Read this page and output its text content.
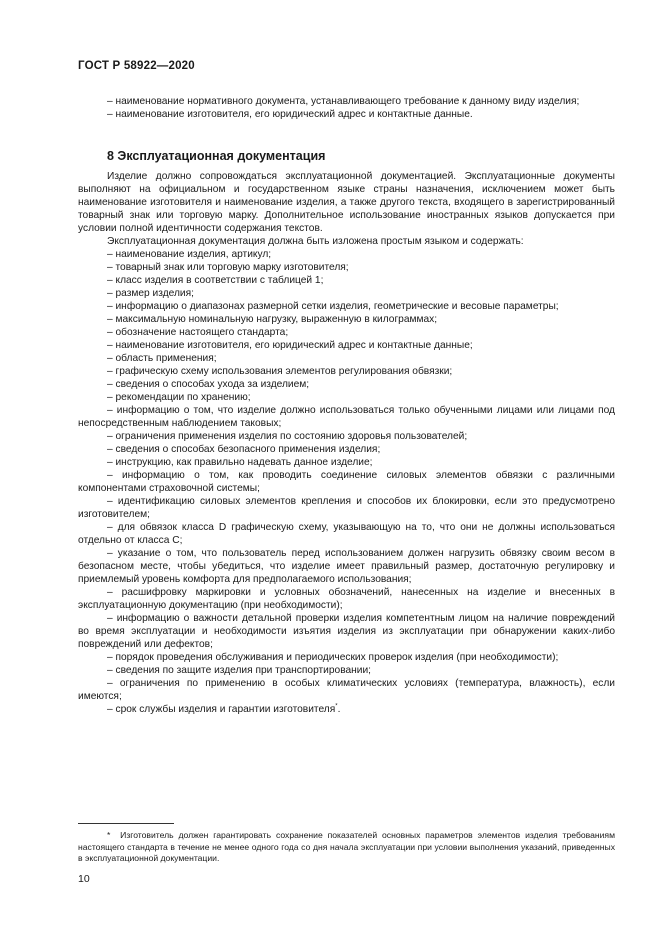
ГОСТ Р 58922—2020

– наименование нормативного документа, устанавливающего требование к данному виду изделия;

– наименование изготовителя, его юридический адрес и контактные данные.

8 Эксплуатационная документация

Изделие должно сопровождаться эксплуатационной документацией. Эксплуатационные документы выполняют на официальном и государственном языке страны назначения, исключением может быть наименование изготовителя и наименование изделия, а также другого текста, входящего в зарегистрированный товарный знак или торговую марку. Дополнительное использование иностранных языков допускается при условии полной идентичности содержания текстов.

Эксплуатационная документация должна быть изложена простым языком и содержать:

– наименование изделия, артикул;

– товарный знак или торговую марку изготовителя;

– класс изделия в соответствии с таблицей 1;

– размер изделия;

– информацию о диапазонах размерной сетки изделия, геометрические и весовые параметры;

– максимальную номинальную нагрузку, выраженную в килограммах;

– обозначение настоящего стандарта;

– наименование изготовителя, его юридический адрес и контактные данные;

– область применения;

– графическую схему использования элементов регулирования обвязки;

– сведения о способах ухода за изделием;

– рекомендации по хранению;

– информацию о том, что изделие должно использоваться только обученными лицами или лицами под непосредственным наблюдением таковых;

– ограничения применения изделия по состоянию здоровья пользователей;

– сведения о способах безопасного применения изделия;

– инструкцию, как правильно надевать данное изделие;

– информацию о том, как проводить соединение силовых элементов обвязки с различными компонентами страховочной системы;

– идентификацию силовых элементов крепления и способов их блокировки, если это предусмотрено изготовителем;

– для обвязок класса D графическую схему, указывающую на то, что они не должны использоваться отдельно от класса C;

– указание о том, что пользователь перед использованием должен нагрузить обвязку своим весом в безопасном месте, чтобы убедиться, что изделие имеет правильный размер, достаточную регулировку и приемлемый уровень комфорта для предполагаемого использования;

– расшифровку маркировки и условных обозначений, нанесенных на изделие и внесенных в эксплуатационную документацию (при необходимости);

– информацию о важности детальной проверки изделия компетентным лицом на наличие повреждений во время эксплуатации и необходимости изъятия изделия из эксплуатации при обнаружении каких-либо повреждений или дефектов;

– порядок проведения обслуживания и периодических проверок изделия (при необходимости);

– сведения по защите изделия при транспортировании;

– ограничения по применению в особых климатических условиях (температура, влажность), если имеются;

– срок службы изделия и гарантии изготовителя*.

* Изготовитель должен гарантировать сохранение показателей основных параметров элементов изделия требованиям настоящего стандарта в течение не менее одного года со дня начала эксплуатации при условии выполнения указаний, приведенных в эксплуатационной документации.

10
